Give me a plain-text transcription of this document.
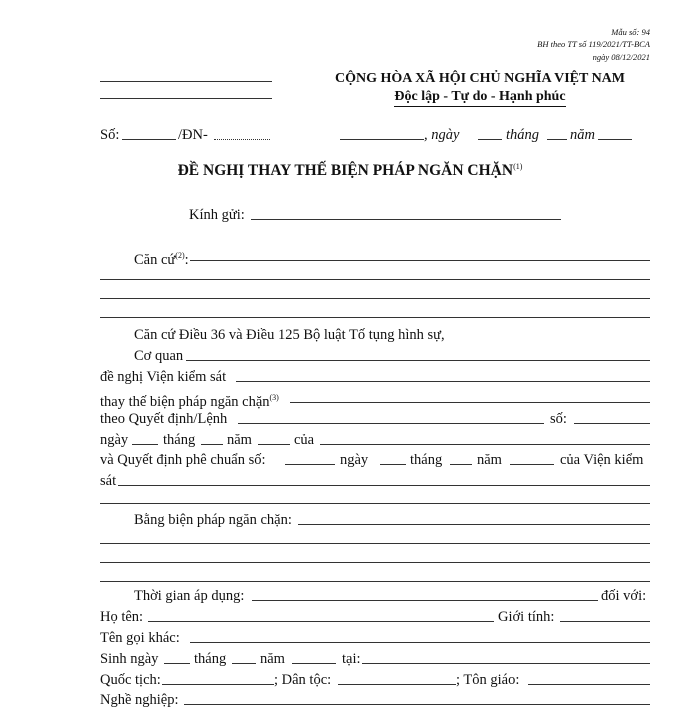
Mẫu số: 94
BH theo TT số 119/2021/TT-BCA
ngày 08/12/2021
CỘNG HÒA XÃ HỘI CHỦ NGHĨA VIỆT NAM
Độc lập - Tự do - Hạnh phúc
Số:	/ĐN-	, ngày	tháng năm
ĐỀ NGHỊ THAY THẾ BIỆN PHÁP NGĂN CHẶN$^{(1)}$
Kính gửi:
Căn cứ$^{(2)}$:
Căn cứ Điều 36 và Điều 125 Bộ luật Tố tụng hình sự,
Cơ quan
đề nghị Viện kiểm sát
thay thế biện pháp ngăn chặn$^{(3)}$
theo Quyết định/Lệnh	số:
ngày tháng năm	của
và Quyết định phê chuẩn số:	ngày	tháng năm	của Viện kiểm
sát
Bằng biện pháp ngăn chặn:
Thời gian áp dụng:	đối với:
Họ tên:	Giới tính:
Tên gọi khác:
Sinh ngày tháng năm	tại:
Quốc tịch:	; Dân tộc:	; Tôn giáo:
Nghề nghiệp:
